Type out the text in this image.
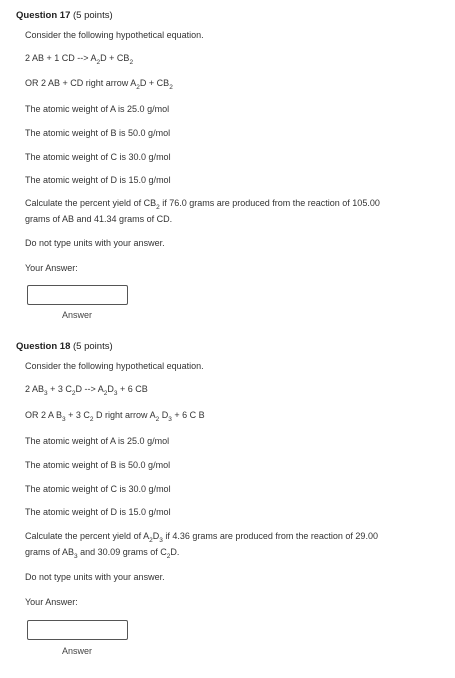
Question 17 (5 points)
Consider the following hypothetical equation.
2 AB + 1 CD --> $A_2D + CB_2$
OR 2 AB + CD right arrow $A_2D + CB_2$
The atomic weight of A is 25.0 g/mol
The atomic weight of B is 50.0 g/mol
The atomic weight of C is 30.0 g/mol
The atomic weight of D is 15.0 g/mol
Calculate the percent yield of $CB_2$ if 76.0 grams are produced from the reaction of 105.00 grams of AB and 41.34 grams of CD.
Do not type units with your answer.
Your Answer:
Answer
Question 18 (5 points)
Consider the following hypothetical equation.
2 $AB_3 + 3$ $C_2D$ --> $A_2D_3 + 6$ CB
OR 2 A $B_3 + 3$ $C_2$ D right arrow $A_2$ $D_3 + 6$ C B
The atomic weight of A is 25.0 g/mol
The atomic weight of B is 50.0 g/mol
The atomic weight of C is 30.0 g/mol
The atomic weight of D is 15.0 g/mol
Calculate the percent yield of $A_2D_3$ if 4.36 grams are produced from the reaction of 29.00 grams of $AB_3$ and 30.09 grams of $C_2D$.
Do not type units with your answer.
Your Answer:
Answer
